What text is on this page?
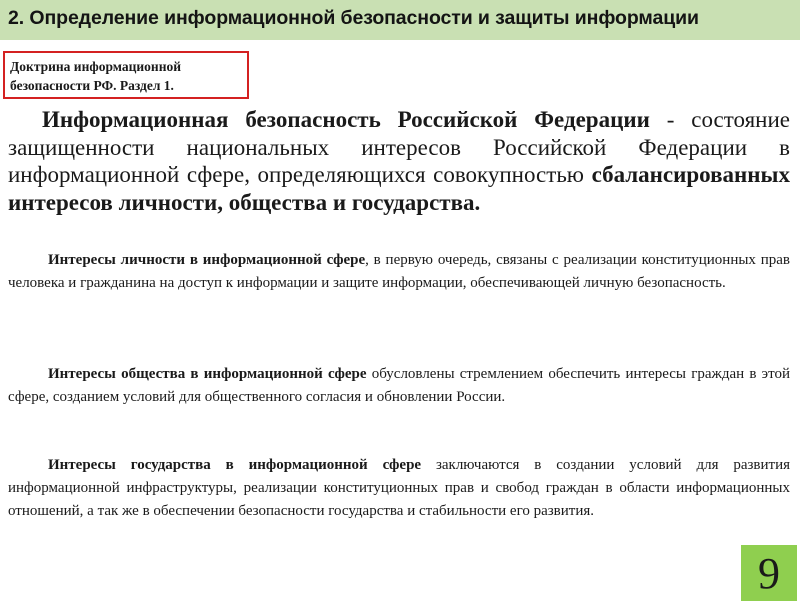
2. Определение информационной безопасности и защиты информации
Доктрина информационной
безопасности РФ. Раздел 1.

Информационная безопасность Российской Федерации - состояние защищенности национальных интересов Российской Федерации в информационной сфере, определяющихся совокупностью сбалансированных интересов личности, общества и государства.

Интересы личности в информационной сфере, в первую очередь, связаны с реализации конституционных прав человека и гражданина на доступ к информации и защите информации, обеспечивающей личную безопасность.

Интересы общества в информационной сфере обусловлены стремлением обеспечить интересы граждан в этой сфере, созданием условий для общественного согласия и обновлении России.

Интересы государства в информационной сфере заключаются в создании условий для развития информационной инфраструктуры, реализации конституционных прав и свобод граждан в области информационных отношений, а так же в обеспечении безопасности государства и стабильности его развития.

9
